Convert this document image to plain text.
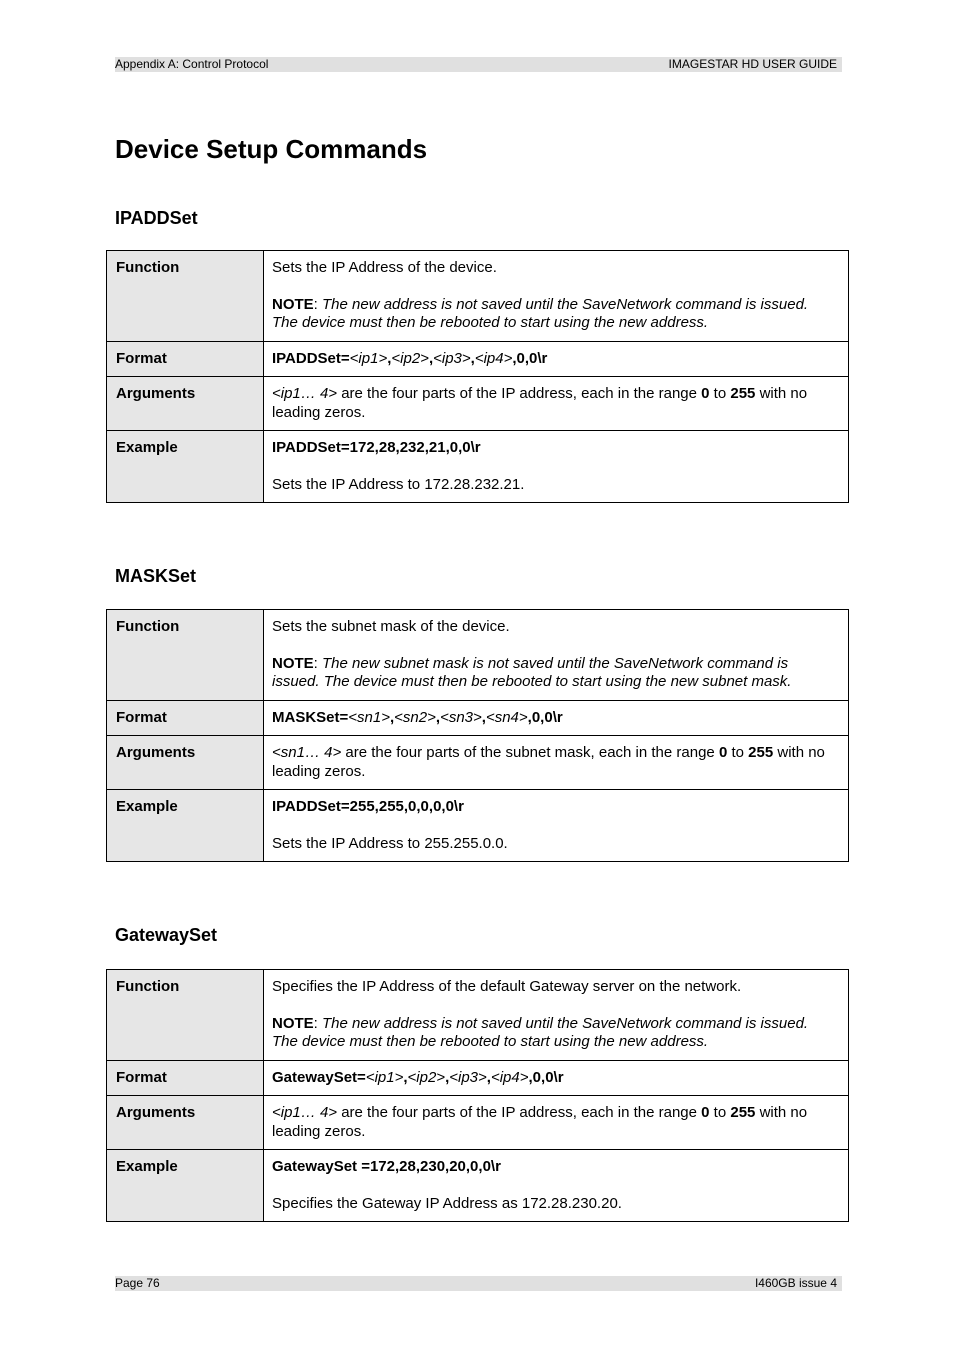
Appendix A: Control Protocol	IMAGESTAR HD USER GUIDE
Device Setup Commands
IPADDSet
Function	Sets the IP Address of the device.

NOTE: The new address is not saved until the SaveNetwork command is issued. The device must then be rebooted to start using the new address.

Format	IPADDSet=<ip1>,<ip2>,<ip3>,<ip4>,0,0\r
Arguments	<ip1… 4> are the four parts of the IP address, each in the range 0 to 255 with no leading zeros.
Example	IPADDSet=172,28,232,21,0,0\r

Sets the IP Address to 172.28.232.21.

MASKSet
Function	Sets the subnet mask of the device.

NOTE: The new subnet mask is not saved until the SaveNetwork command is issued. The device must then be rebooted to start using the new subnet mask.

Format	MASKSet=<sn1>,<sn2>,<sn3>,<sn4>,0,0\r
Arguments	<sn1… 4> are the four parts of the subnet mask, each in the range 0 to 255 with no leading zeros.
Example	IPADDSet=255,255,0,0,0,0\r

Sets the IP Address to 255.255.0.0.

GatewaySet
Function	Specifies the IP Address of the default Gateway server on the network.

NOTE: The new address is not saved until the SaveNetwork command is issued. The device must then be rebooted to start using the new address.

Format	GatewaySet=<ip1>,<ip2>,<ip3>,<ip4>,0,0\r
Arguments	<ip1… 4> are the four parts of the IP address, each in the range 0 to 255 with no leading zeros.
Example	GatewaySet =172,28,230,20,0,0\r

Specifies the Gateway IP Address as 172.28.230.20.

Page 76	I460GB issue 4
